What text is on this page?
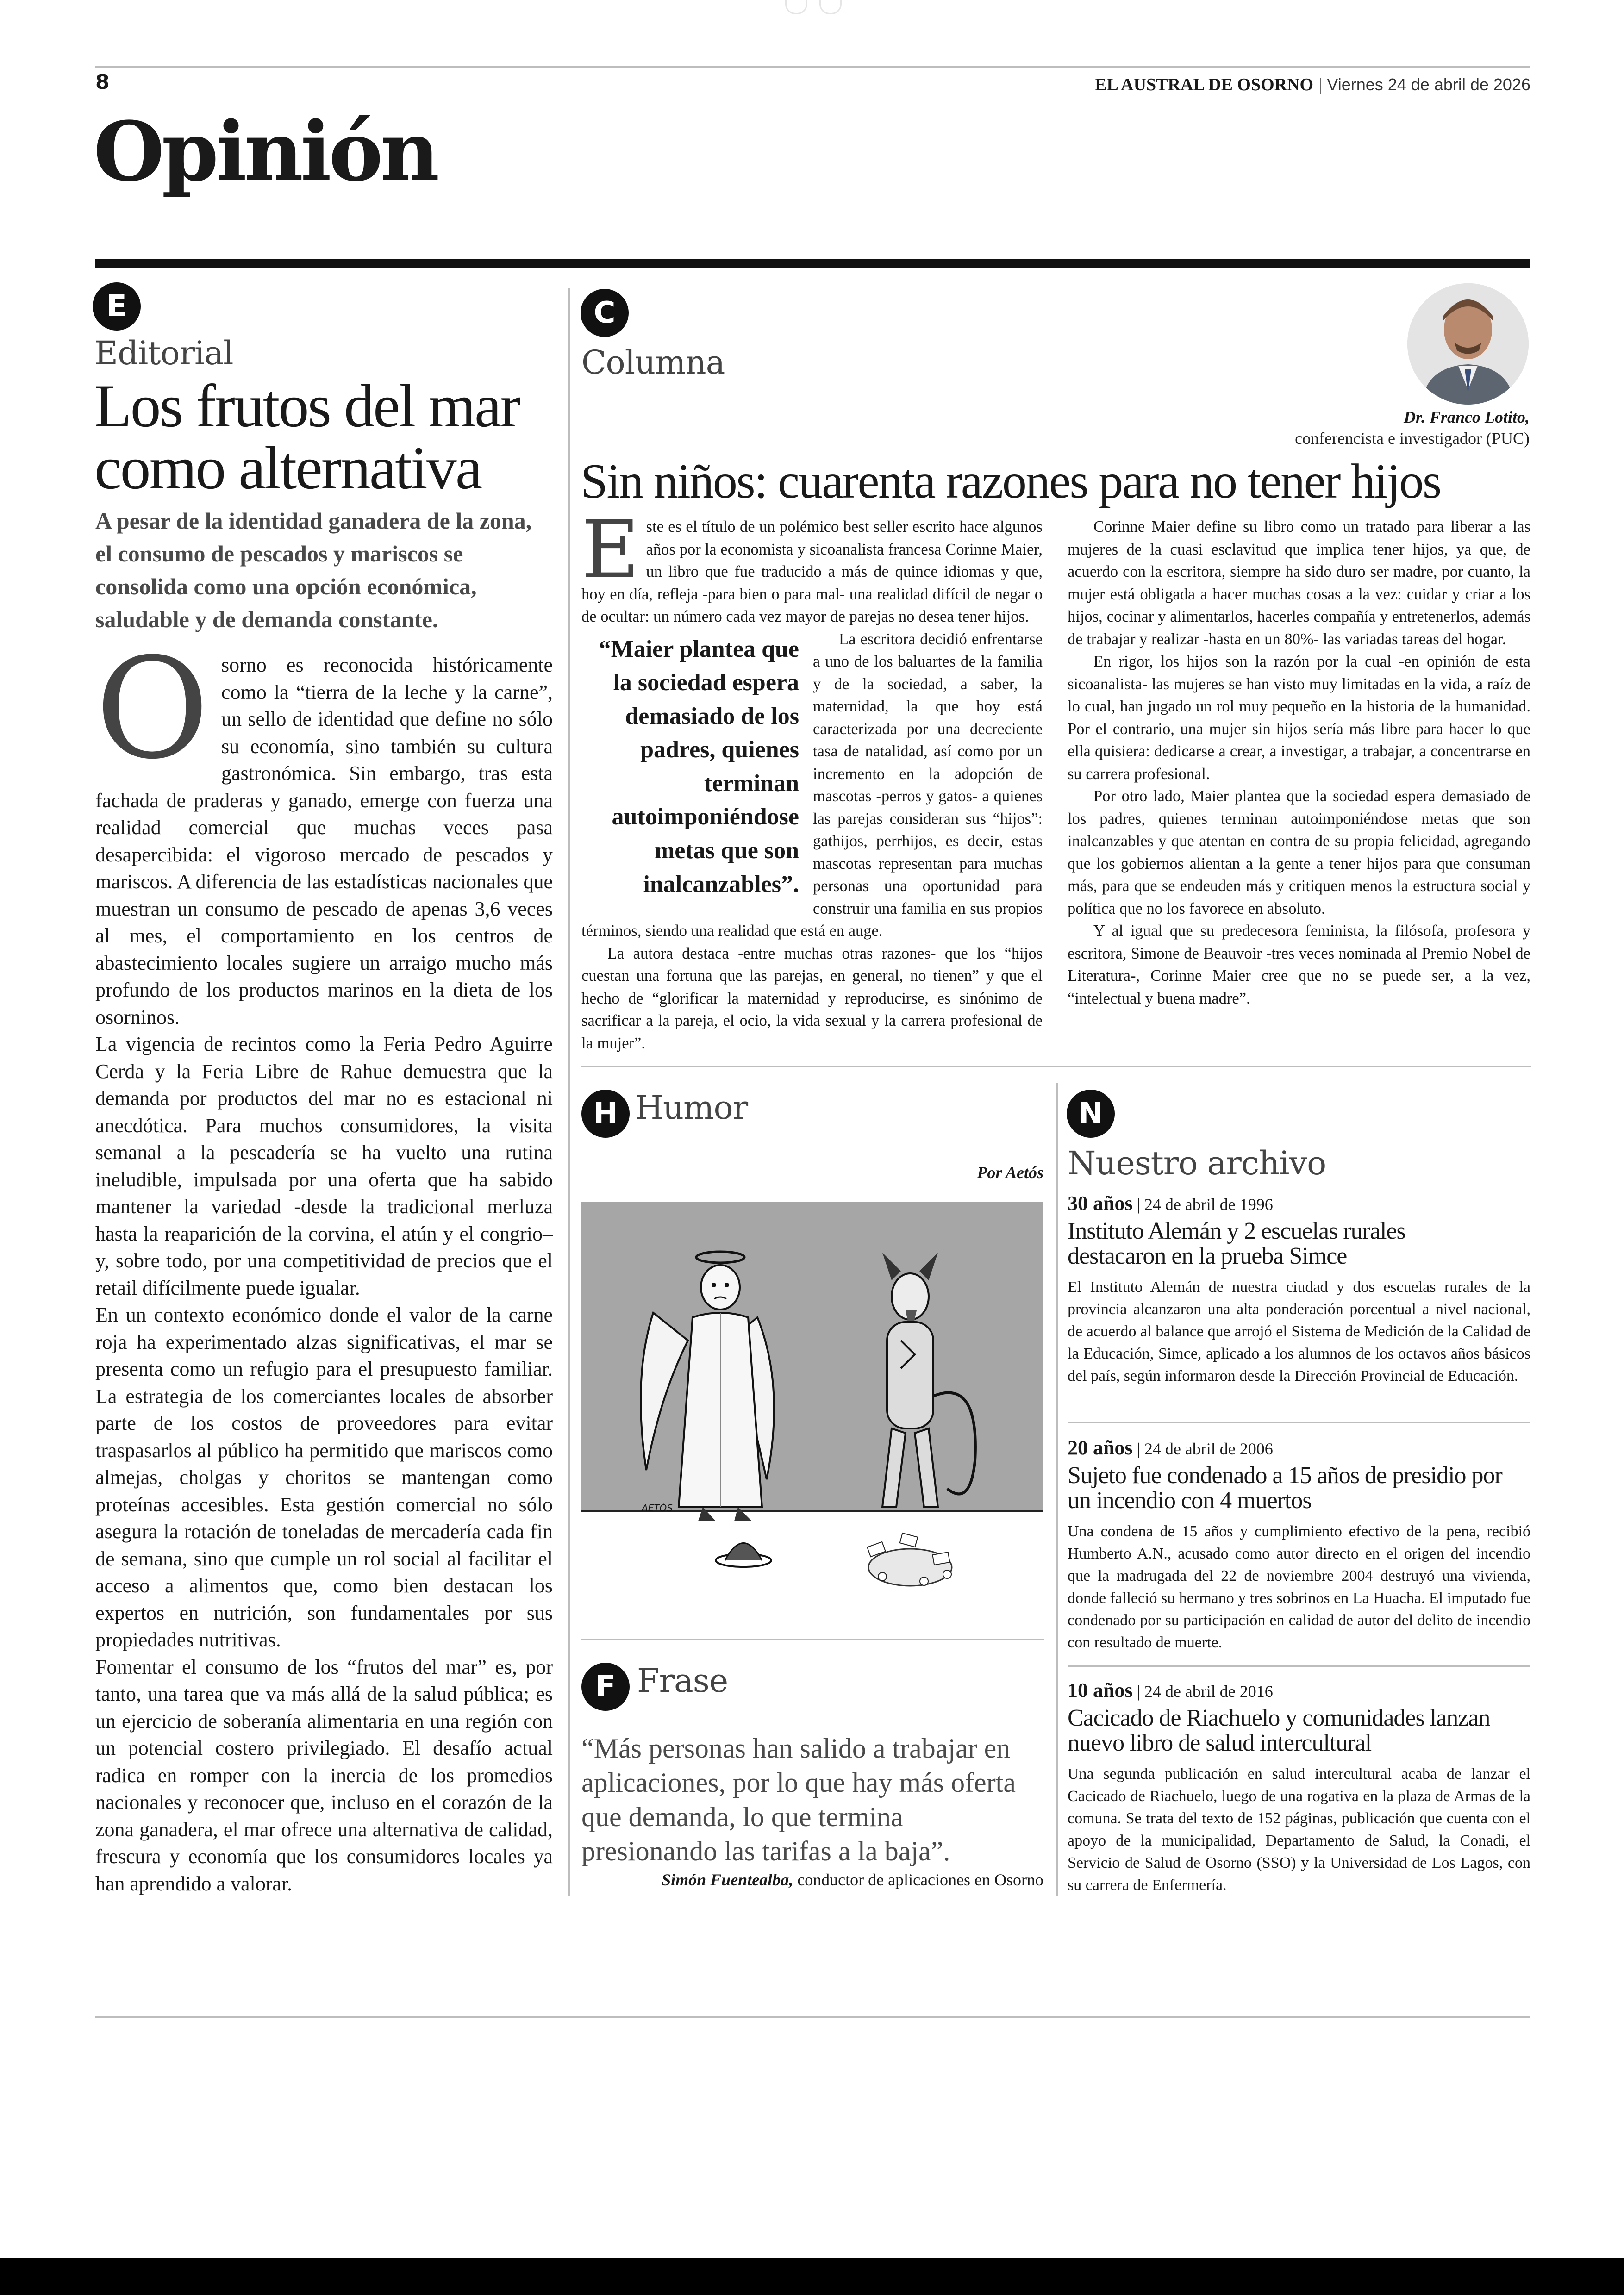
8	EL AUSTRAL DE OSORNO | Viernes 24 de abril de 2026
Opinión
E
Editorial
Los frutos del mar como alternativa
A pesar de la identidad ganadera de la zona, el consumo de pescados y mariscos se consolida como una opción económica, saludable y de demanda constante.

Osorno es reconocida históricamente como la “tierra de la leche y la carne”, un sello de identidad que define no sólo su economía, sino también su cultura gastronómica. Sin embargo, tras esta fachada de praderas y ganado, emerge con fuerza una realidad comercial que muchas veces pasa desapercibida: el vigoroso mercado de pescados y mariscos. A diferencia de las estadísticas nacionales que muestran un consumo de pescado de apenas 3,6 veces al mes, el comportamiento en los centros de abastecimiento locales sugiere un arraigo mucho más profundo de los productos marinos en la dieta de los osorninos.

La vigencia de recintos como la Feria Pedro Aguirre Cerda y la Feria Libre de Rahue demuestra que la demanda por productos del mar no es estacional ni anecdótica. Para muchos consumidores, la visita semanal a la pescadería se ha vuelto una rutina ineludible, impulsada por una oferta que ha sabido mantener la variedad -desde la tradicional merluza hasta la reaparición de la corvina, el atún y el congrio– y, sobre todo, por una competitividad de precios que el retail difícilmente puede igualar.

En un contexto económico donde el valor de la carne roja ha experimentado alzas significativas, el mar se presenta como un refugio para el presupuesto familiar. La estrategia de los comerciantes locales de absorber parte de los costos de proveedores para evitar traspasarlos al público ha permitido que mariscos como almejas, cholgas y choritos se mantengan como proteínas accesibles. Esta gestión comercial no sólo asegura la rotación de toneladas de mercadería cada fin de semana, sino que cumple un rol social al facilitar el acceso a alimentos que, como bien destacan los expertos en nutrición, son fundamentales por sus propiedades nutritivas.

Fomentar el consumo de los “frutos del mar” es, por tanto, una tarea que va más allá de la salud pública; es un ejercicio de soberanía alimentaria en una región con un potencial costero privilegiado. El desafío actual radica en romper con la inercia de los promedios nacionales y reconocer que, incluso en el corazón de la zona ganadera, el mar ofrece una alternativa de calidad, frescura y economía que los consumidores locales ya han aprendido a valorar.

C
Columna
Dr. Franco Lotito,
conferencista e investigador (PUC)
Sin niños: cuarenta razones para no tener hijos

Este es el título de un polémico best seller escrito hace algunos años por la economista y sicoanalista francesa Corinne Maier, un libro que fue traducido a más de quince idiomas y que, hoy en día, refleja -para bien o para mal- una realidad difícil de negar o de ocultar: un número cada vez mayor de parejas no desea tener hijos.

“Maier plantea que la sociedad espera demasiado de los padres, quienes terminan autoimponiéndose metas que son inalcanzables”.

La escritora decidió enfrentarse a uno de los baluartes de la familia y de la sociedad, a saber, la maternidad, la que hoy está caracterizada por una decreciente tasa de natalidad, así como por un incremento en la adopción de mascotas -perros y gatos- a quienes las parejas consideran sus “hijos”: gathijos, perrhijos, es decir, estas mascotas representan para muchas personas una oportunidad para construir una familia en sus propios términos, siendo una realidad que está en auge.

La autora destaca -entre muchas otras razones- que los “hijos cuestan una fortuna que las parejas, en general, no tienen” y que el hecho de “glorificar la maternidad y reproducirse, es sinónimo de sacrificar a la pareja, el ocio, la vida sexual y la carrera profesional de la mujer”.

Corinne Maier define su libro como un tratado para liberar a las mujeres de la cuasi esclavitud que implica tener hijos, ya que, de acuerdo con la escritora, siempre ha sido duro ser madre, por cuanto, la mujer está obligada a hacer muchas cosas a la vez: cuidar y criar a los hijos, cocinar y alimentarlos, hacerles compañía y entretenerlos, además de trabajar y realizar -hasta en un 80%- las variadas tareas del hogar.

En rigor, los hijos son la razón por la cual -en opinión de esta sicoanalista- las mujeres se han visto muy limitadas en la vida, a raíz de lo cual, han jugado un rol muy pequeño en la historia de la humanidad. Por el contrario, una mujer sin hijos sería más libre para hacer lo que ella quisiera: dedicarse a crear, a investigar, a trabajar, a concentrarse en su carrera profesional.

Por otro lado, Maier plantea que la sociedad espera demasiado de los padres, quienes terminan autoimponiéndose metas que son inalcanzables y que atentan en contra de su propia felicidad, agregando que los gobiernos alientan a la gente a tener hijos para que consuman más, para que se endeuden más y critiquen menos la estructura social y política que no los favorece en absoluto.

Y al igual que su predecesora feminista, la filósofa, profesora y escritora, Simone de Beauvoir -tres veces nominada al Premio Nobel de Literatura-, Corinne Maier cree que no se puede ser, a la vez, “intelectual y buena madre”.

H Humor
Por Aetós
AETÓS
F Frase
“Más personas han salido a trabajar en aplicaciones, por lo que hay más oferta que demanda, lo que termina presionando las tarifas a la baja”.
Simón Fuentealba, conductor de aplicaciones en Osorno
N
Nuestro archivo
30 años | 24 de abril de 1996
Instituto Alemán y 2 escuelas rurales destacaron en la prueba Simce
El Instituto Alemán de nuestra ciudad y dos escuelas rurales de la provincia alcanzaron una alta ponderación porcentual a nivel nacional, de acuerdo al balance que arrojó el Sistema de Medición de la Calidad de la Educación, Simce, aplicado a los alumnos de los octavos años básicos del país, según informaron desde la Dirección Provincial de Educación.
20 años | 24 de abril de 2006
Sujeto fue condenado a 15 años de presidio por un incendio con 4 muertos
Una condena de 15 años y cumplimiento efectivo de la pena, recibió Humberto A.N., acusado como autor directo en el origen del incendio que la madrugada del 22 de noviembre 2004 destruyó una vivienda, donde falleció su hermano y tres sobrinos en La Huacha. El imputado fue condenado por su participación en calidad de autor del delito de incendio con resultado de muerte.
10 años | 24 de abril de 2016
Cacicado de Riachuelo y comunidades lanzan nuevo libro de salud intercultural
Una segunda publicación en salud intercultural acaba de lanzar el Cacicado de Riachuelo, luego de una rogativa en la plaza de Armas de la comuna. Se trata del texto de 152 páginas, publicación que cuenta con el apoyo de la municipalidad, Departamento de Salud, la Conadi, el Servicio de Salud de Osorno (SSO) y la Universidad de Los Lagos, con su carrera de Enfermería.
